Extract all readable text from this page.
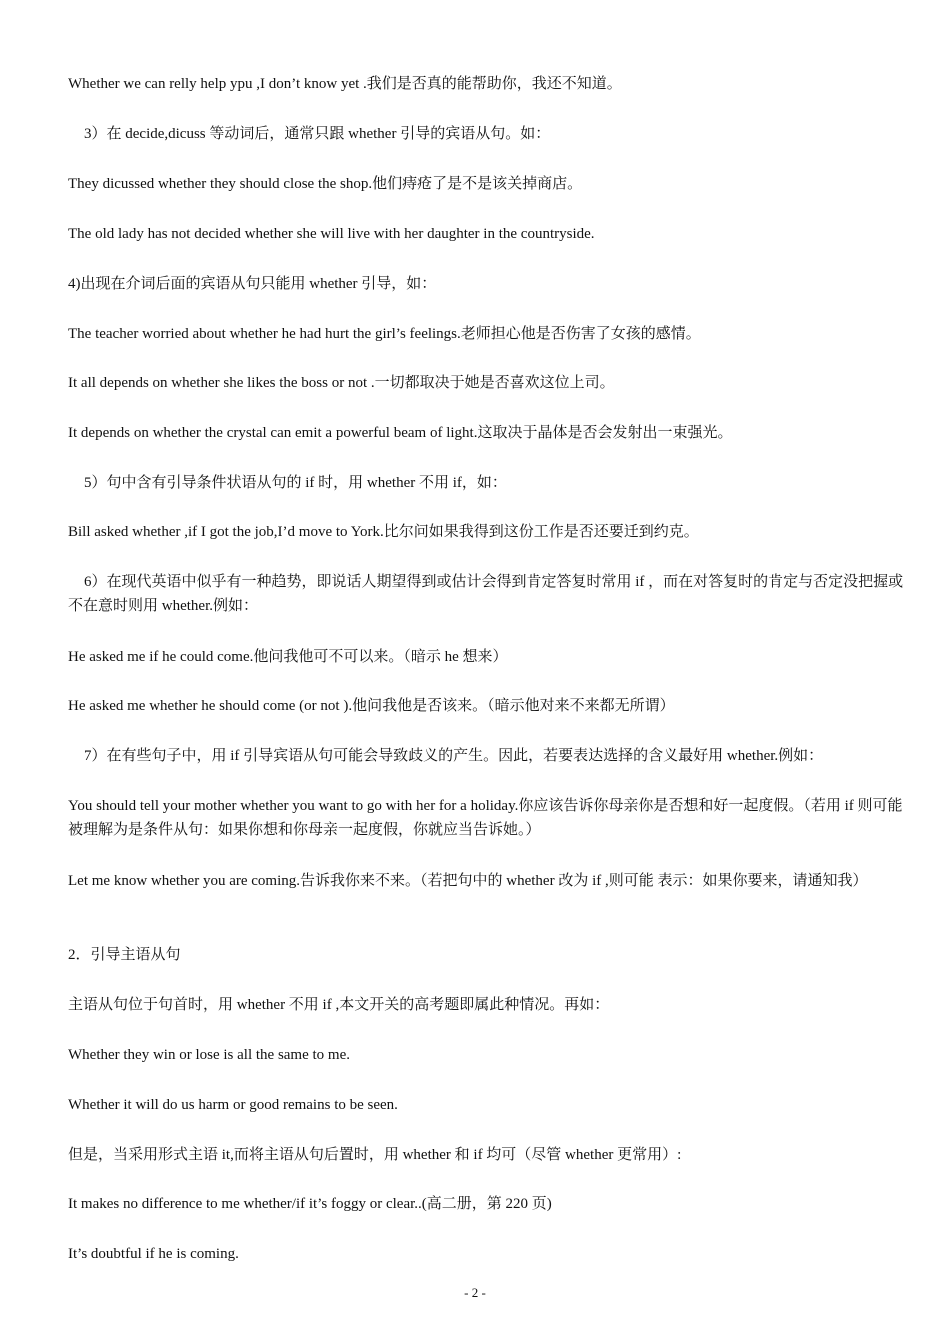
Whether we can relly help ypu ,I don’t know yet .我们是否真的能帮助你，我还不知道。

3）在 decide,dicuss 等动词后，通常只跟 whether 引导的宾语从句。如：

They dicussed whether they should close the shop.他们痔疮了是不是该关掉商店。

The old lady has not decided whether she will live with her daughter in the countryside.

4)出现在介词后面的宾语从句只能用 whether 引导，如：

The teacher worried about whether he had hurt the girl’s feelings.老师担心他是否伤害了女孩的感情。

It all depends on whether she likes the boss or not .一切都取决于她是否喜欢这位上司。

It depends on whether the crystal can emit a powerful beam of light.这取决于晶体是否会发射出一束强光。

5）句中含有引导条件状语从句的 if 时，用 whether 不用 if，如：

Bill asked whether ,if I got the job,I’d move to York.比尔问如果我得到这份工作是否还要迁到约克。

6）在现代英语中似乎有一种趋势，即说话人期望得到或估计会得到肯定答复时常用 if ，而在对答复时的肯定与否定没把握或不在意时则用 whether.例如：

He asked me if he could come.他问我他可不可以来。（暗示 he 想来）

He asked me whether he should come (or not ).他问我他是否该来。（暗示他对来不来都无所谓）

7）在有些句子中，用 if 引导宾语从句可能会导致歧义的产生。因此，若要表达选择的含义最好用 whether.例如：

You should tell your mother whether you want to go with her for a holiday.你应该告诉你母亲你是否想和好一起度假。（若用 if 则可能被理解为是条件从句：如果你想和你母亲一起度假，你就应当告诉她。）

Let me know whether you are coming.告诉我你来不来。（若把句中的 whether 改为 if ,则可能 表示：如果你要来，请通知我）

2．引导主语从句

主语从句位于句首时，用 whether 不用 if ,本文开关的高考题即属此种情况。再如：

Whether they win or lose is all the same to me.

Whether it will do us harm or good remains to be seen.

但是，当采用形式主语 it,而将主语从句后置时，用 whether 和 if 均可（尽管 whether 更常用）:

It makes no difference to me whether/if it’s foggy or clear..(高二册，第 220 页)

It’s doubtful if he is coming.

- 2 -
